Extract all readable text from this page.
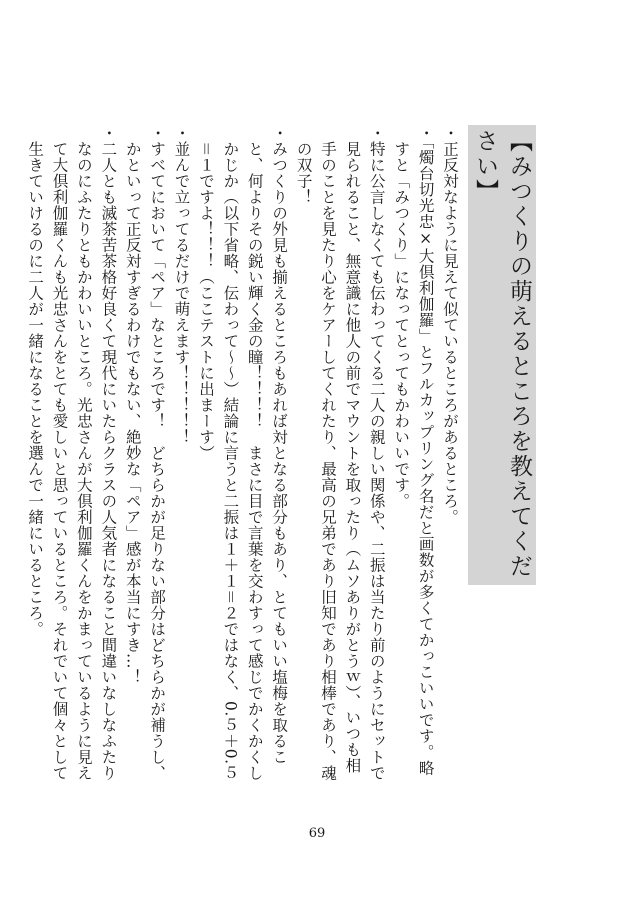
【みつくりの萌えるところを教えてください】
・正反対なように見えて似ているところがあるところ。
・「燭台切光忠×大倶利伽羅」とフルカップリング名だと画数が多くてかっこいいです。略すと「みつくり」になってとってもかわいいです。
・特に公言しなくても伝わってくる二人の親しい関係や、二振は当たり前のようにセットで見られること、無意識に他人の前でマウントを取ったり（ムソありがとうｗ）、いつも相手のことを見たり心をケアーしてくれたり、最高の兄弟であり旧知であり相棒であり、魂の双子！
・みつくりの外見も揃えるところもあれば対となる部分もあり、とてもいい塩梅を取ること、何よりその鋭い輝く金の瞳！！！！　まさに目で言葉を交わすって感じでかくかくしかじか（以下省略、伝わって〜〜）結論に言うと二振は１＋１＝２ではなく、0.５＋0.５＝１ですよ！！！（ここテストに出まーす）
・並んで立ってるだけで萌えます！！！！！
・すべてにおいて「ペア」なところです！　どちらかが足りない部分はどちらかが補うし、かといって正反対すぎるわけでもない、絶妙な「ペア」感が本当にすき…！
・二人とも滅茶苦茶格好良くて現代にいたらクラスの人気者になること間違いなしなふたりなのにふたりともかわいいところ。光忠さんが大倶利伽羅くんをかまっているように見えて大倶利伽羅くんも光忠さんをとても愛しいと思っているところ。それでいて個々として生きていけるのに二人が一緒になることを選んで一緒にいるところ。
69
